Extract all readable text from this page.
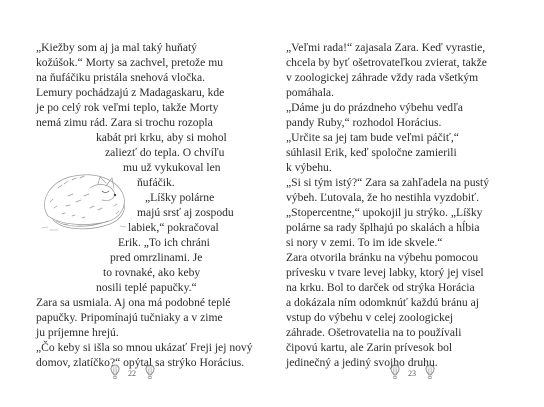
„Kiežby som aj ja mal taký huňatý
kožúšok.“ Morty sa zachvel, pretože mu
na ňufáčiku pristála snehová vločka.
Lemury pochádzajú z Madagaskaru, kde
je po celý rok veľmi teplo, takže Morty
nemá zimu rád. Zara si trochu rozopla
kabát pri krku, aby si mohol
zaliezť do tepla. O chvíľu
mu už vykukoval len
ňufáčik.
„Líšky polárne
majú srsť aj zospodu
labiek,“ pokračoval
Erik. „To ich chráni
pred omrzlinami. Je
to rovnaké, ako keby
nosili teplé papučky.“
Zara sa usmiala. Aj ona má podobné teplé
papučky. Pripomínajú tučniaky a v zime
ju príjemne hrejú.
„Čo keby si išla so mnou ukázať Freji jej nový
domov, zlatíčko?“ opýtal sa strýko Horácius.
22
„Veľmi rada!“ zajasala Zara. Keď vyrastie,
chcela by byť ošetrovateľkou zvierat, takže
v zoologickej záhrade vždy rada všetkým
pomáhala.
„Dáme ju do prázdneho výbehu vedľa
pandy Ruby,“ rozhodol Horácius.
„Určite sa jej tam bude veľmi páčiť,“
súhlasil Erik, keď spoločne zamierili
k výbehu.
„Si si tým istý?“ Zara sa zahľadela na pustý
výbeh. Ľutovala, že ho nestihla vyzdobiť.
„Stopercentne,“ upokojil ju strýko. „Líšky
polárne sa rady šplhajú po skalách a hĺbia
si nory v zemi. To im ide skvele.“
Zara otvorila bránku na výbehu pomocou
prívesku v tvare levej labky, ktorý jej visel
na krku. Bol to darček od strýka Horácia
a dokázala ním odomknúť každú bránu aj
vstup do výbehu v celej zoologickej
záhrade. Ošetrovatelia na to používali
čipovú kartu, ale Zarin prívesok bol
jedinečný a jediný svojho druhu.
23
